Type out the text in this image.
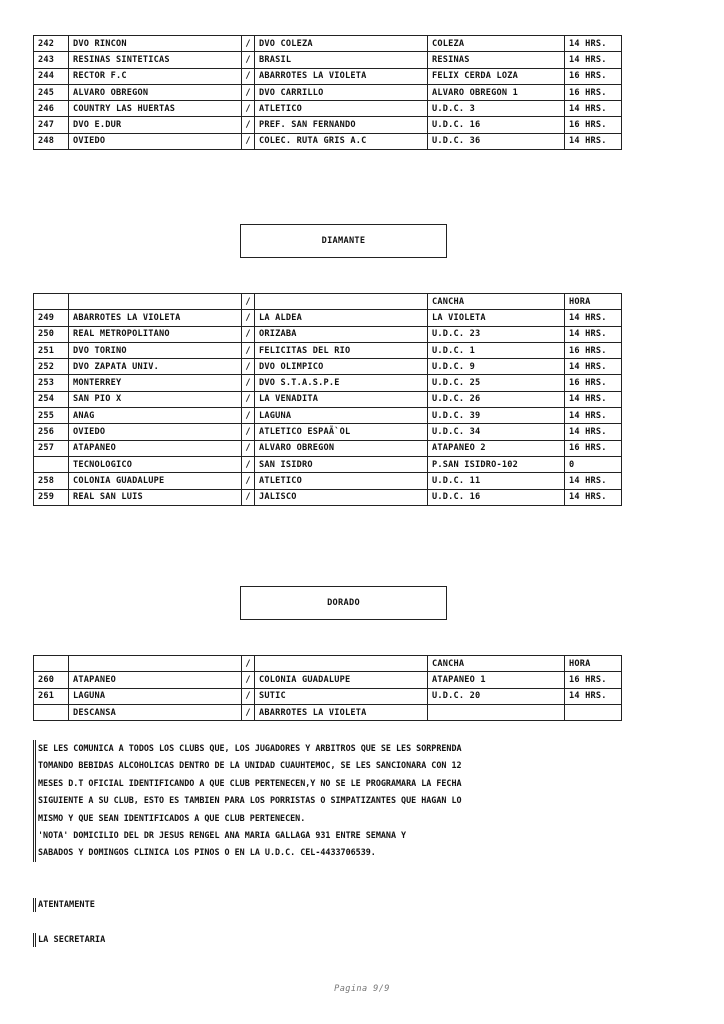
242	DVO RINCON	/	DVO COLEZA	COLEZA	14 HRS.
243	RESINAS SINTETICAS	/	BRASIL	RESINAS	14 HRS.
244	RECTOR F.C	/	ABARROTES LA VIOLETA	FELIX CERDA LOZA	16 HRS.
245	ALVARO OBREGON	/	DVO CARRILLO	ALVARO OBREGON 1	16 HRS.
246	COUNTRY LAS HUERTAS	/	ATLETICO	U.D.C. 3	14 HRS.
247	DVO E.DUR	/	PREF. SAN FERNANDO	U.D.C. 16	16 HRS.
248	OVIEDO	/	COLEC. RUTA GRIS A.C	U.D.C. 36	14 HRS.
DIAMANTE
		/		CANCHA	HORA
249	ABARROTES LA VIOLETA	/	LA ALDEA	LA VIOLETA	14 HRS.
250	REAL METROPOLITANO	/	ORIZABA	U.D.C. 23	14 HRS.
251	DVO TORINO	/	FELICITAS DEL RIO	U.D.C. 1	16 HRS.
252	DVO ZAPATA UNIV.	/	DVO OLIMPICO	U.D.C. 9	14 HRS.
253	MONTERREY	/	DVO S.T.A.S.P.E	U.D.C. 25	16 HRS.
254	SAN PIO X	/	LA VENADITA	U.D.C. 26	14 HRS.
255	ANAG	/	LAGUNA	U.D.C. 39	14 HRS.
256	OVIEDO	/	ATLETICO ESPAÃ`OL	U.D.C. 34	14 HRS.
257	ATAPANEO	/	ALVARO OBREGON	ATAPANEO 2	16 HRS.
	TECNOLOGICO	/	SAN ISIDRO	P.SAN ISIDRO-102	0
258	COLONIA GUADALUPE	/	ATLETICO	U.D.C. 11	14 HRS.
259	REAL SAN LUIS	/	JALISCO	U.D.C. 16	14 HRS.
DORADO
		/		CANCHA	HORA
260	ATAPANEO	/	COLONIA GUADALUPE	ATAPANEO 1	16 HRS.
261	LAGUNA	/	SUTIC	U.D.C. 20	14 HRS.
	DESCANSA	/	ABARROTES LA VIOLETA		
SE LES COMUNICA A TODOS LOS CLUBS QUE, LOS JUGADORES Y ARBITROS QUE SE LES SORPRENDA
TOMANDO BEBIDAS ALCOHOLICAS DENTRO DE LA UNIDAD CUAUHTEMOC, SE LES SANCIONARA CON 12
MESES D.T OFICIAL IDENTIFICANDO A QUE CLUB PERTENECEN,Y NO SE LE PROGRAMARA LA FECHA
SIGUIENTE A SU CLUB, ESTO ES TAMBIEN PARA LOS PORRISTAS O SIMPATIZANTES QUE HAGAN LO
MISMO Y QUE SEAN IDENTIFICADOS A QUE CLUB PERTENECEN.
'NOTA' DOMICILIO DEL DR JESUS RENGEL ANA MARIA GALLAGA 931 ENTRE SEMANA Y
SABADOS Y DOMINGOS CLINICA LOS PINOS O EN LA U.D.C. CEL-4433706539.
ATENTAMENTE
LA SECRETARIA
Pagina 9/9
